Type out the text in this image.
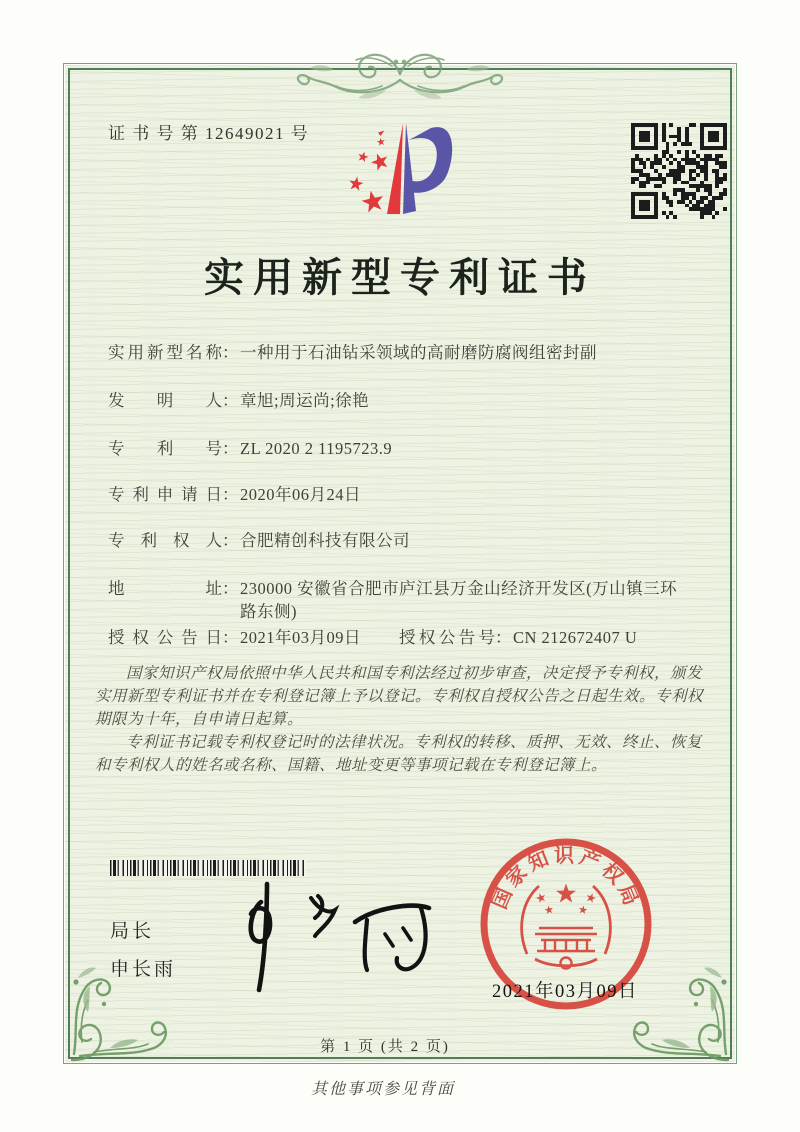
证 书 号 第 12649021 号
实用新型专利证书
实用新型名称：一种用于石油钻采领域的高耐磨防腐阀组密封副
发明人：章旭;周运尚;徐艳
专利号：ZL 2020 2 1195723.9
专利申请日：2020年06月24日
专利权人：合肥精创科技有限公司
地址：230000 安徽省合肥市庐江县万金山经济开发区(万山镇三环路东侧)
授权公告日：2021年03月09日 授权公告号：CN 212672407 U

国家知识产权局依照中华人民共和国专利法经过初步审查，决定授予专利权，颁发实用新型专利证书并在专利登记簿上予以登记。专利权自授权公告之日起生效。专利权期限为十年，自申请日起算。

专利证书记载专利权登记时的法律状况。专利权的转移、质押、无效、终止、恢复和专利权人的姓名或名称、国籍、地址变更等事项记载在专利登记簿上。

局长
申长雨
国家知识产权局
2021年03月09日
第 1 页 (共 2 页)
其他事项参见背面
